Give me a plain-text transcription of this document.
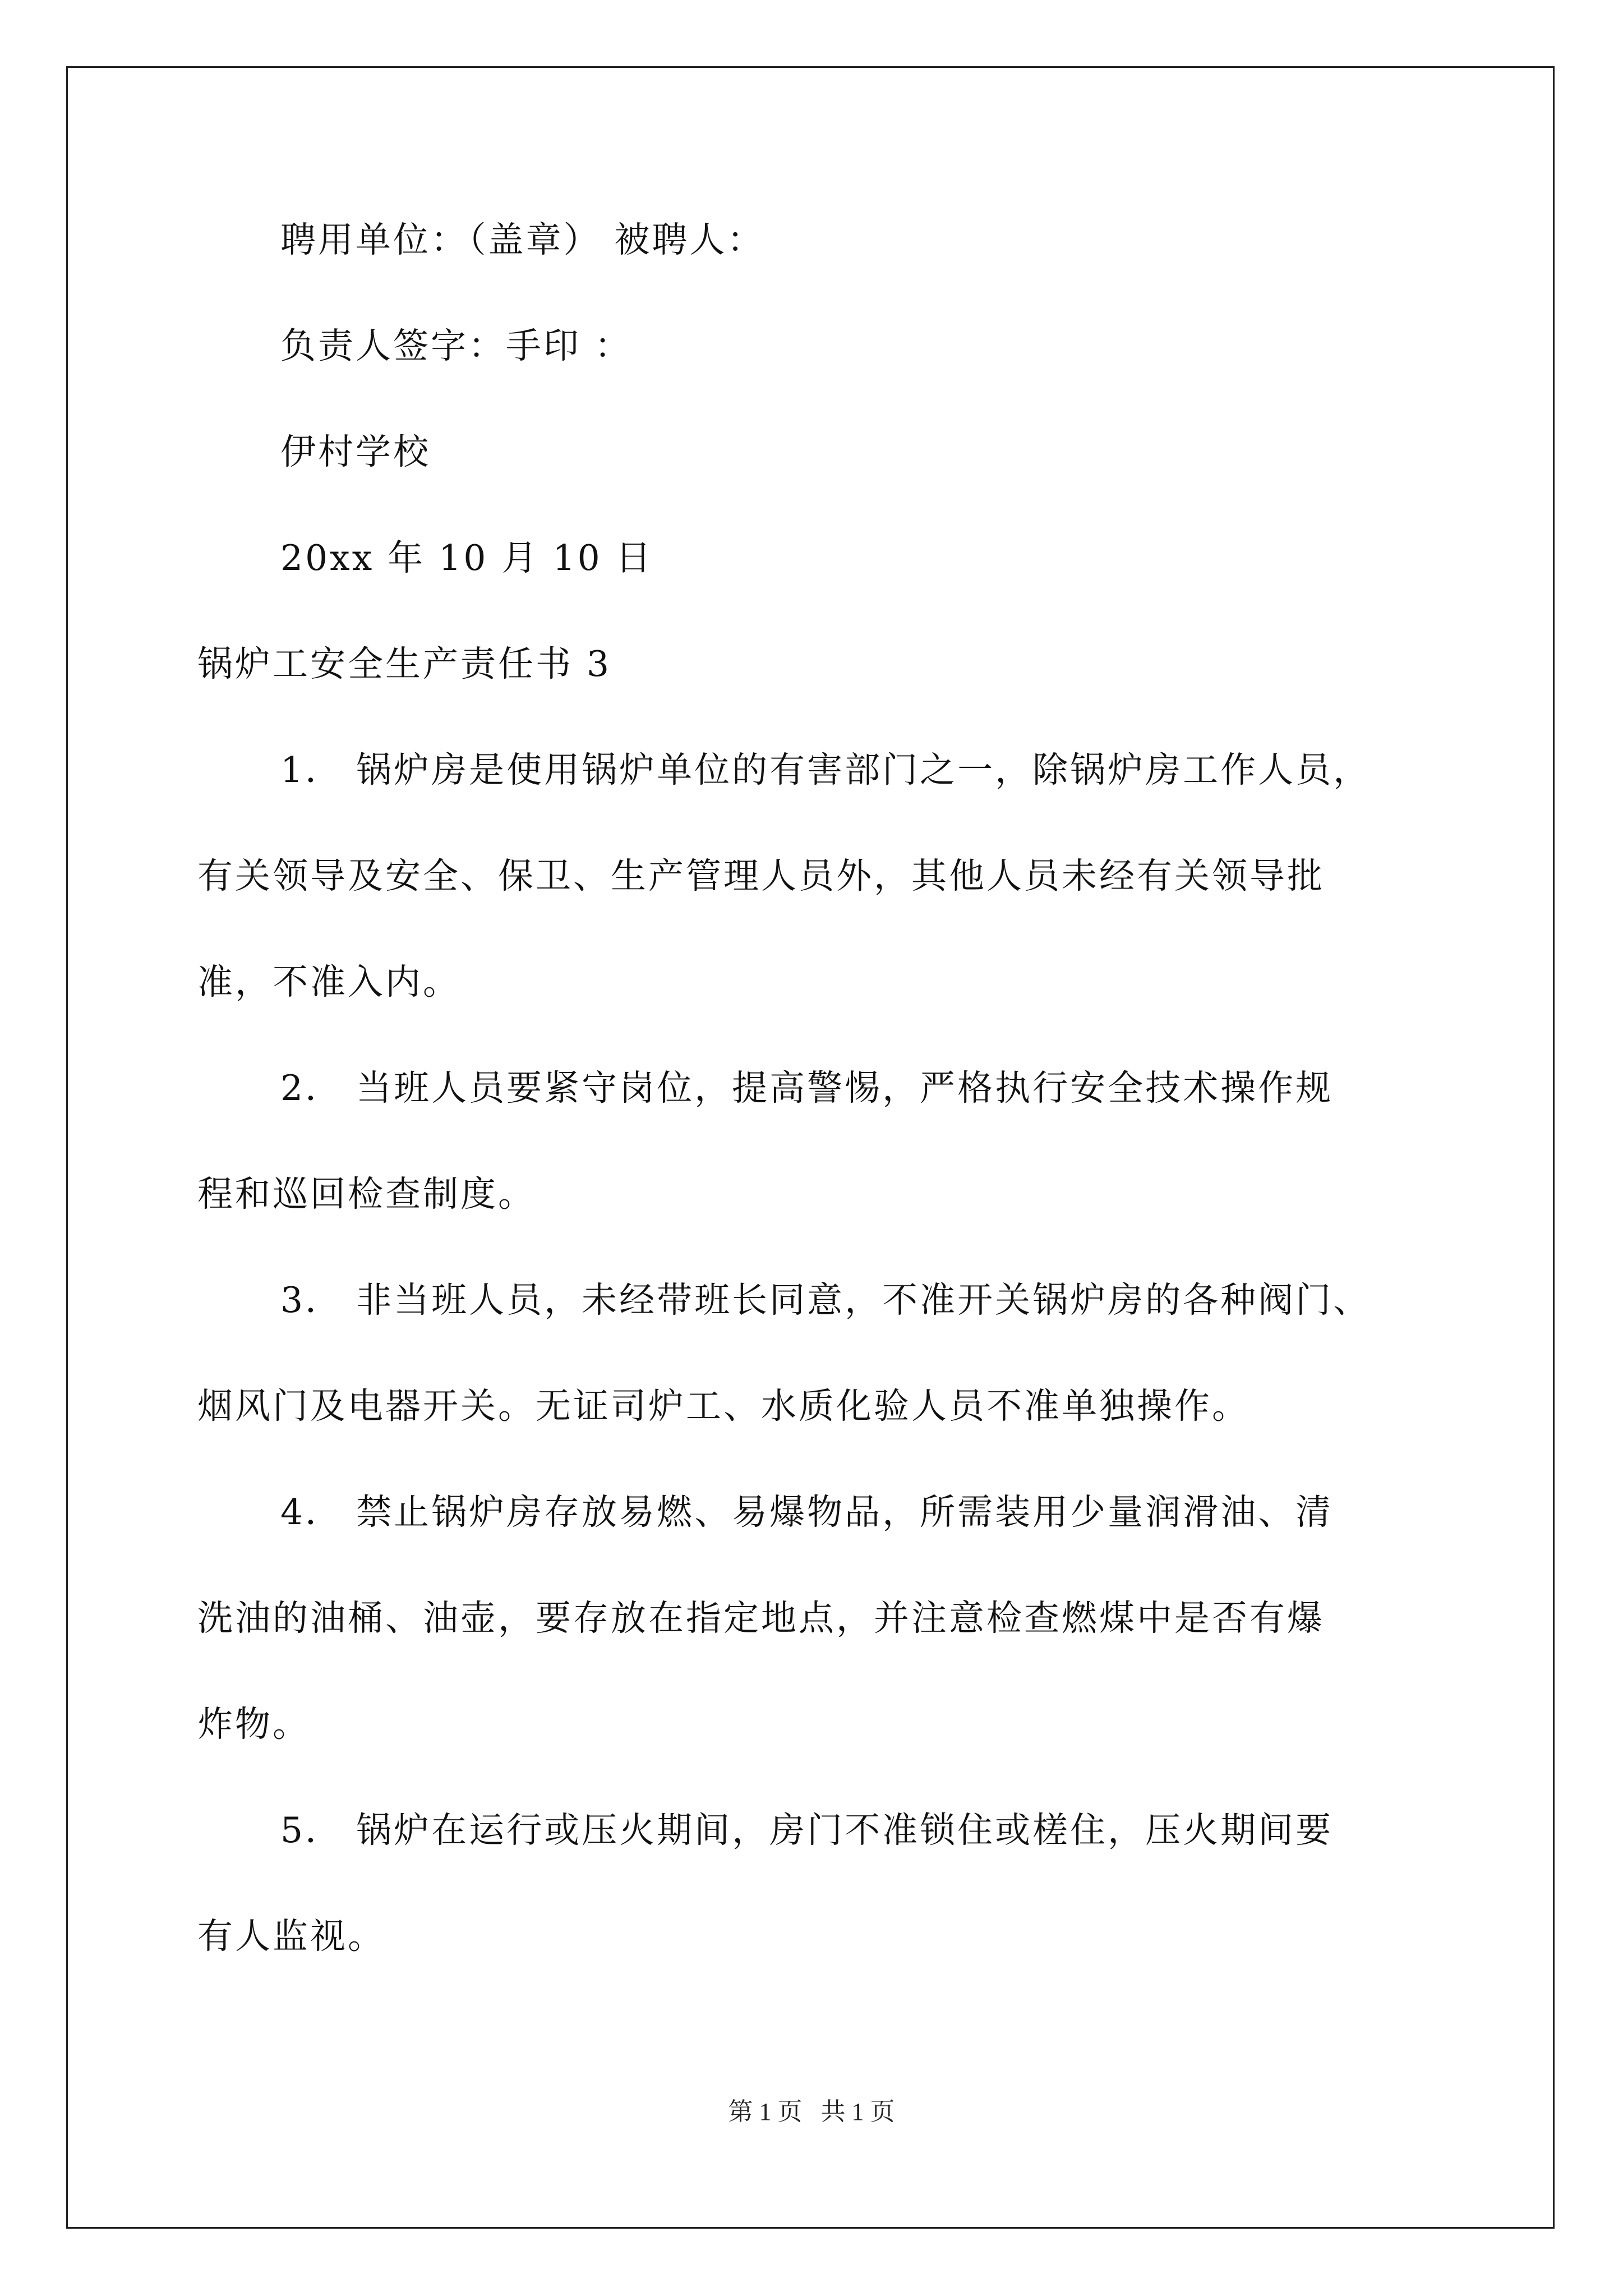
聘用单位：（盖章） 被聘人：
负责人签字：手印 ：
伊村学校
20xx 年 10 月 10 日
锅炉工安全生产责任书 3
1． 锅炉房是使用锅炉单位的有害部门之一，除锅炉房工作人员，
有关领导及安全、保卫、生产管理人员外，其他人员未经有关领导批
准，不准入内。
2． 当班人员要紧守岗位，提高警惕，严格执行安全技术操作规
程和巡回检查制度。
3． 非当班人员，未经带班长同意，不准开关锅炉房的各种阀门、
烟风门及电器开关。无证司炉工、水质化验人员不准单独操作。
4． 禁止锅炉房存放易燃、易爆物品，所需装用少量润滑油、清
洗油的油桶、油壶，要存放在指定地点，并注意检查燃煤中是否有爆
炸物。
5． 锅炉在运行或压火期间，房门不准锁住或槎住，压火期间要
有人监视。
第 1 页 共 1 页
